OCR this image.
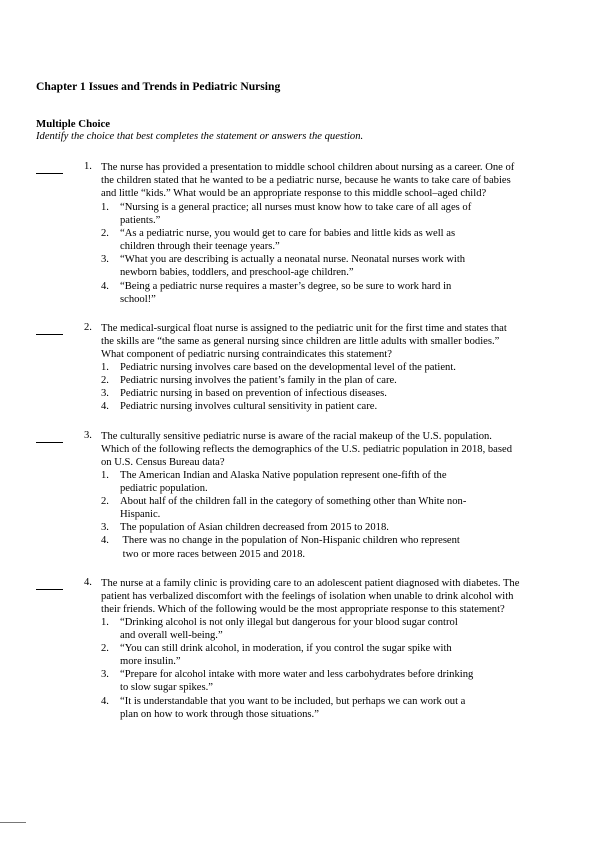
Chapter 1 Issues and Trends in Pediatric Nursing
Multiple Choice
Identify the choice that best completes the statement or answers the question.
1. The nurse has provided a presentation to middle school children about nursing as a career. One of
the children stated that he wanted to be a pediatric nurse, because he wants to take care of babies
and little “kids.” What would be an appropriate response to this middle school–aged child?
1. “Nursing is a general practice; all nurses must know how to take care of all ages of
patients.”
2. “As a pediatric nurse, you would get to care for babies and little kids as well as
children through their teenage years.”
3. “What you are describing is actually a neonatal nurse. Neonatal nurses work with
newborn babies, toddlers, and preschool-age children.”
4. “Being a pediatric nurse requires a master’s degree, so be sure to work hard in
school!”
2. The medical-surgical float nurse is assigned to the pediatric unit for the first time and states that
the skills are “the same as general nursing since children are little adults with smaller bodies.”
What component of pediatric nursing contraindicates this statement?
1. Pediatric nursing involves care based on the developmental level of the patient.
2. Pediatric nursing involves the patient’s family in the plan of care.
3. Pediatric nursing in based on prevention of infectious diseases.
4. Pediatric nursing involves cultural sensitivity in patient care.
3. The culturally sensitive pediatric nurse is aware of the racial makeup of the U.S. population.
Which of the following reflects the demographics of the U.S. pediatric population in 2018, based
on U.S. Census Bureau data?
1. The American Indian and Alaska Native population represent one-fifth of the
pediatric population.
2. About half of the children fall in the category of something other than White non-
Hispanic.
3. The population of Asian children decreased from 2015 to 2018.
4. There was no change in the population of Non-Hispanic children who represent
two or more races between 2015 and 2018.
4. The nurse at a family clinic is providing care to an adolescent patient diagnosed with diabetes. The
patient has verbalized discomfort with the feelings of isolation when unable to drink alcohol with
their friends. Which of the following would be the most appropriate response to this statement?
1. “Drinking alcohol is not only illegal but dangerous for your blood sugar control
and overall well-being.”
2. “You can still drink alcohol, in moderation, if you control the sugar spike with
more insulin.”
3. “Prepare for alcohol intake with more water and less carbohydrates before drinking
to slow sugar spikes.”
4. “It is understandable that you want to be included, but perhaps we can work out a
plan on how to work through those situations.”
